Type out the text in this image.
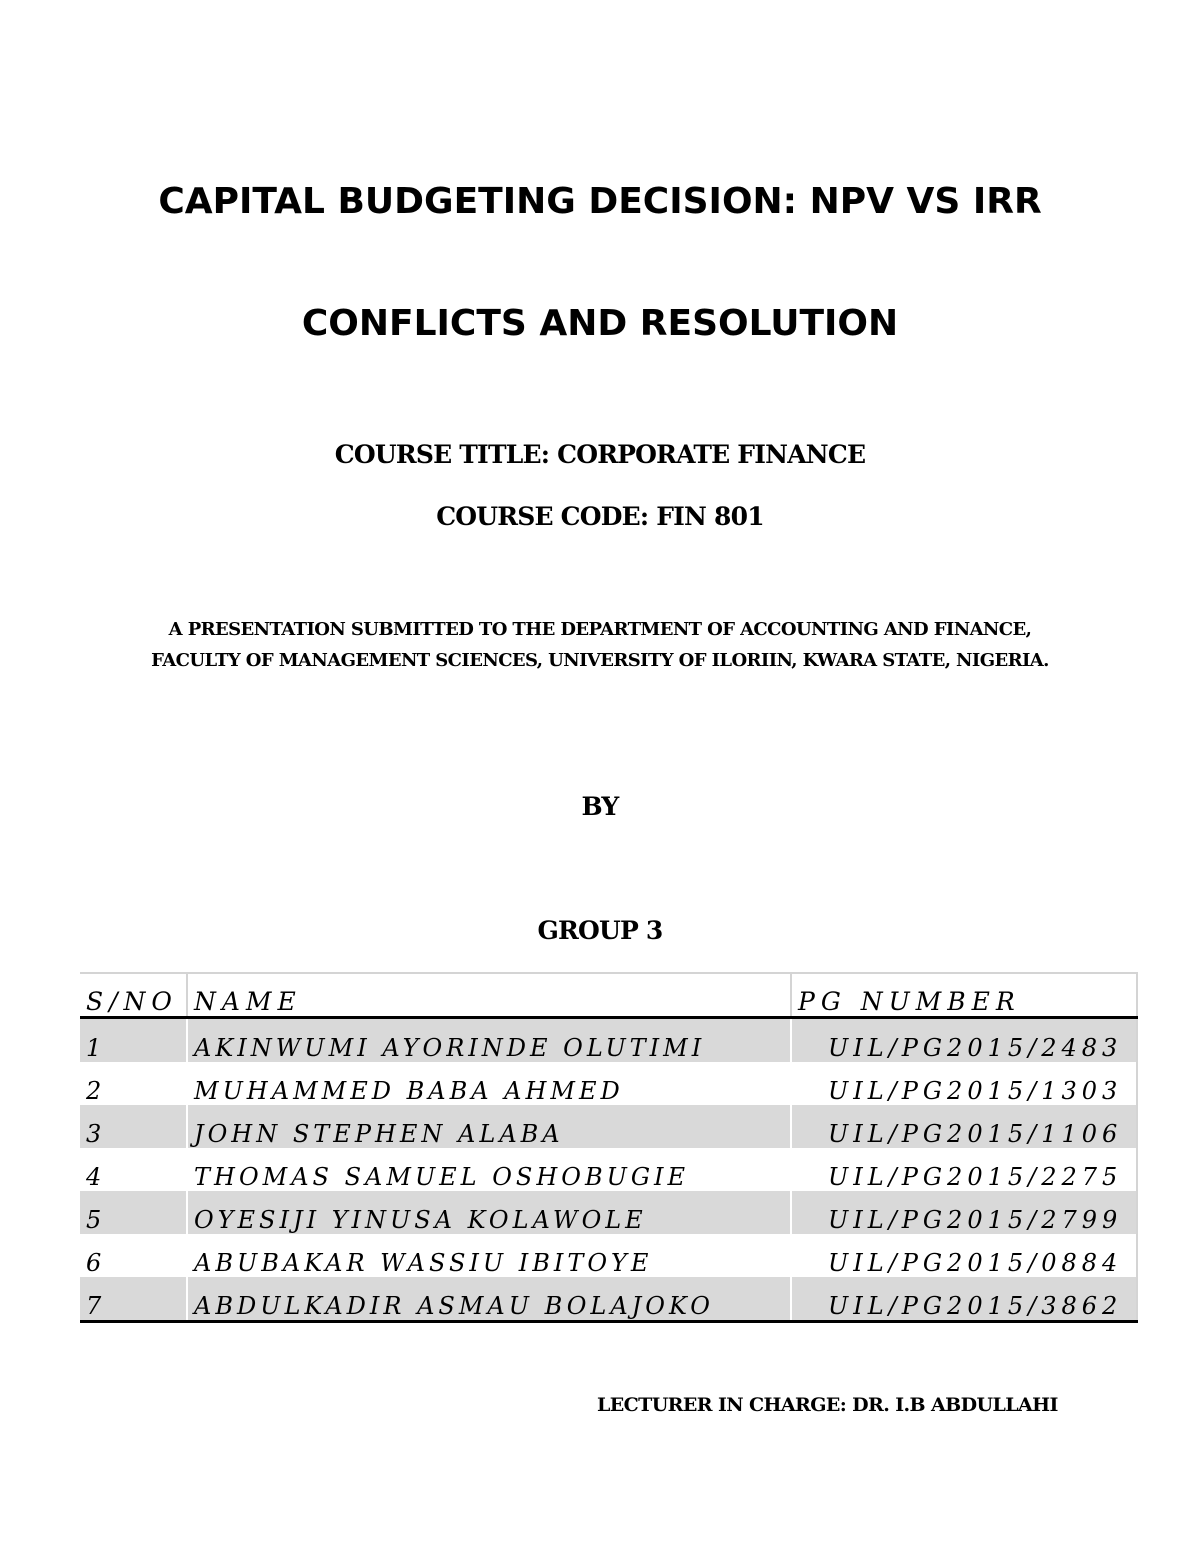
CAPITAL BUDGETING DECISION: NPV VS IRR
CONFLICTS AND RESOLUTION

COURSE TITLE: CORPORATE FINANCE

COURSE CODE: FIN 801

A PRESENTATION SUBMITTED TO THE DEPARTMENT OF ACCOUNTING AND FINANCE, FACULTY OF MANAGEMENT SCIENCES, UNIVERSITY OF ILORIIN, KWARA STATE, NIGERIA.

BY

GROUP 3

S/NO	NAME	PG NUMBER
1	AKINWUMI AYORINDE OLUTIMI	UIL/PG2015/2483
2	MUHAMMED BABA AHMED	UIL/PG2015/1303
3	JOHN STEPHEN ALABA	UIL/PG2015/1106
4	THOMAS SAMUEL OSHOBUGIE	UIL/PG2015/2275
5	OYESIJI YINUSA KOLAWOLE	UIL/PG2015/2799
6	ABUBAKAR WASSIU IBITOYE	UIL/PG2015/0884
7	ABDULKADIR ASMAU BOLAJOKO	UIL/PG2015/3862

LECTURER IN CHARGE: DR. I.B ABDULLAHI
